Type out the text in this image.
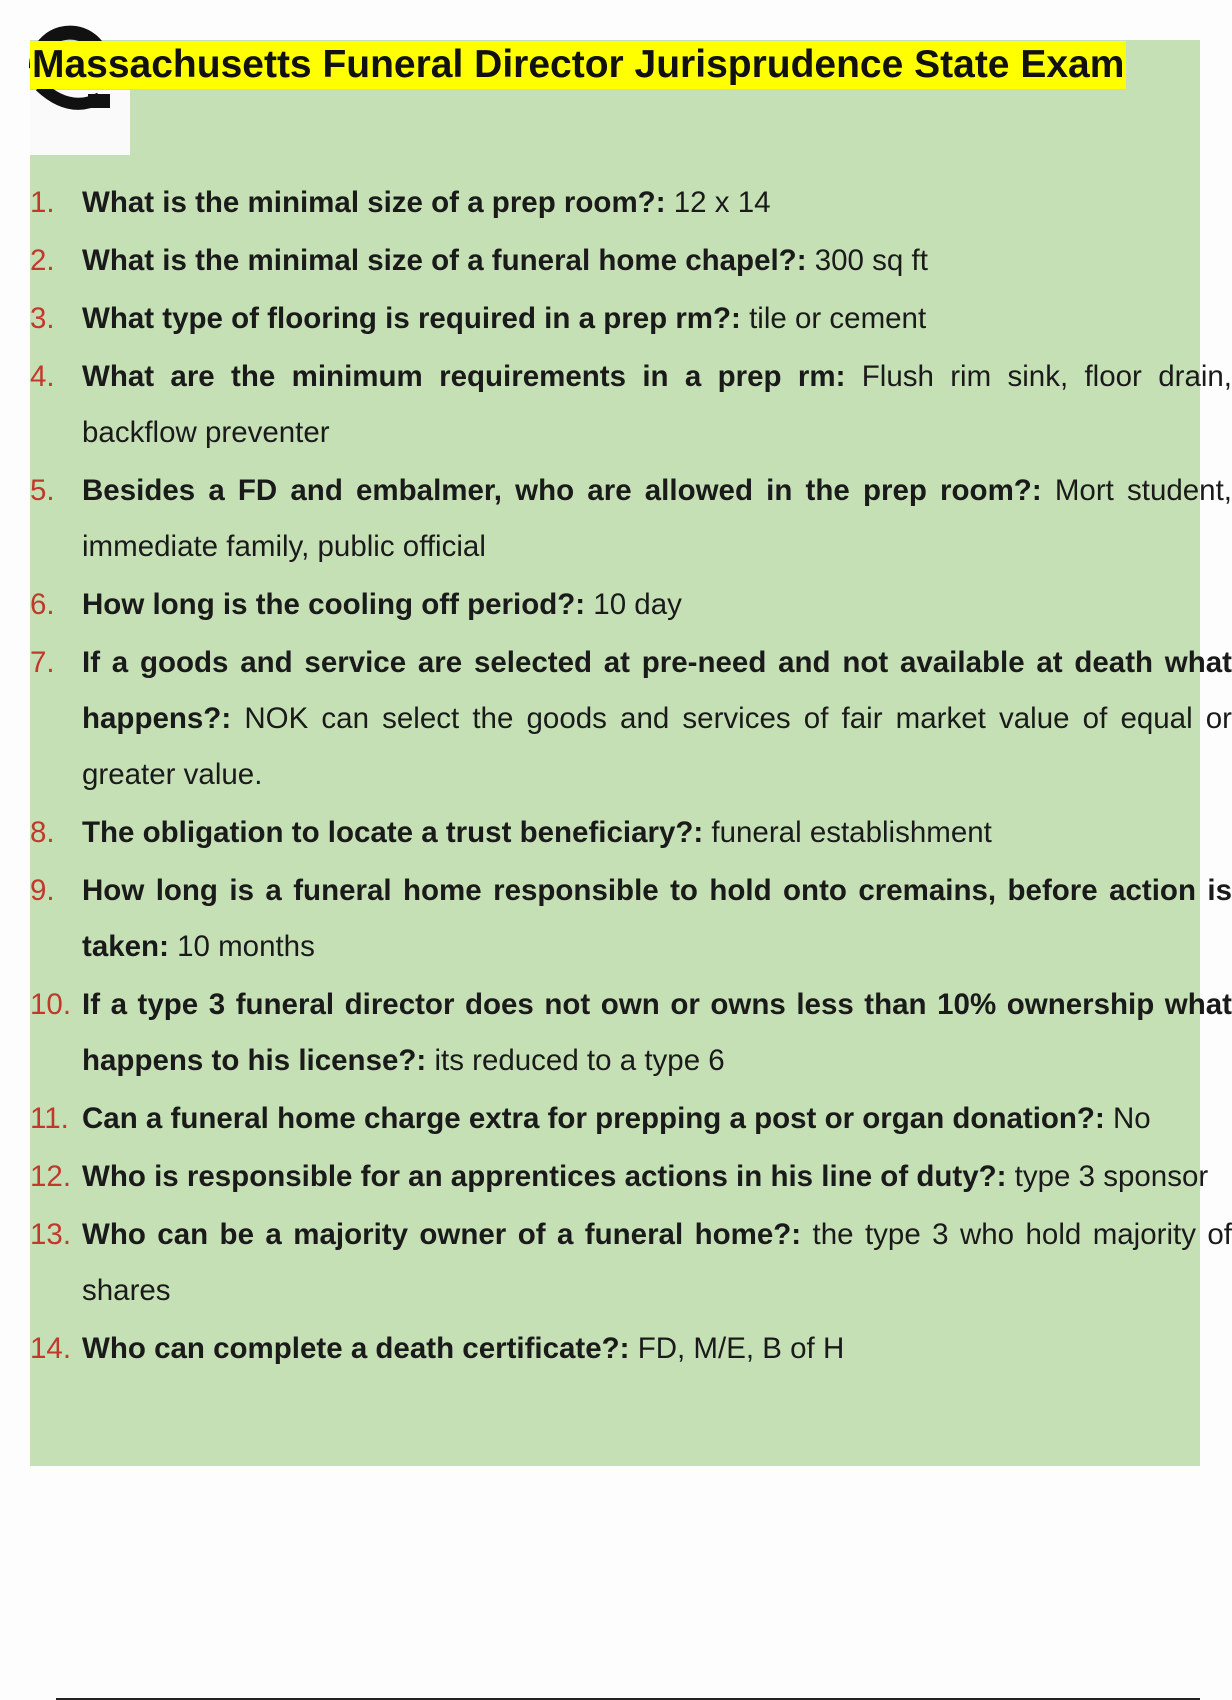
Massachusetts Funeral Director Jurisprudence State Exam
1. What is the minimal size of a prep room?: 12 x 14
2. What is the minimal size of a funeral home chapel?: 300 sq ft
3. What type of flooring is required in a prep rm?: tile or cement
4. What are the minimum requirements in a prep rm: Flush rim sink, floor drain, backflow preventer
5. Besides a FD and embalmer, who are allowed in the prep room?: Mort student, immediate family, public official
6. How long is the cooling off period?: 10 day
7. If a goods and service are selected at pre-need and not available at death what happens?: NOK can select the goods and services of fair market value of equal or greater value.
8. The obligation to locate a trust beneficiary?: funeral establishment
9. How long is a funeral home responsible to hold onto cremains, before action is taken: 10 months
10. If a type 3 funeral director does not own or owns less than 10% ownership what happens to his license?: its reduced to a type 6
11. Can a funeral home charge extra for prepping a post or organ donation?: No
12. Who is responsible for an apprentices actions in his line of duty?: type 3 sponsor
13. Who can be a majority owner of a funeral home?: the type 3 who hold majority of shares
14. Who can complete a death certificate?: FD, M/E, B of H
